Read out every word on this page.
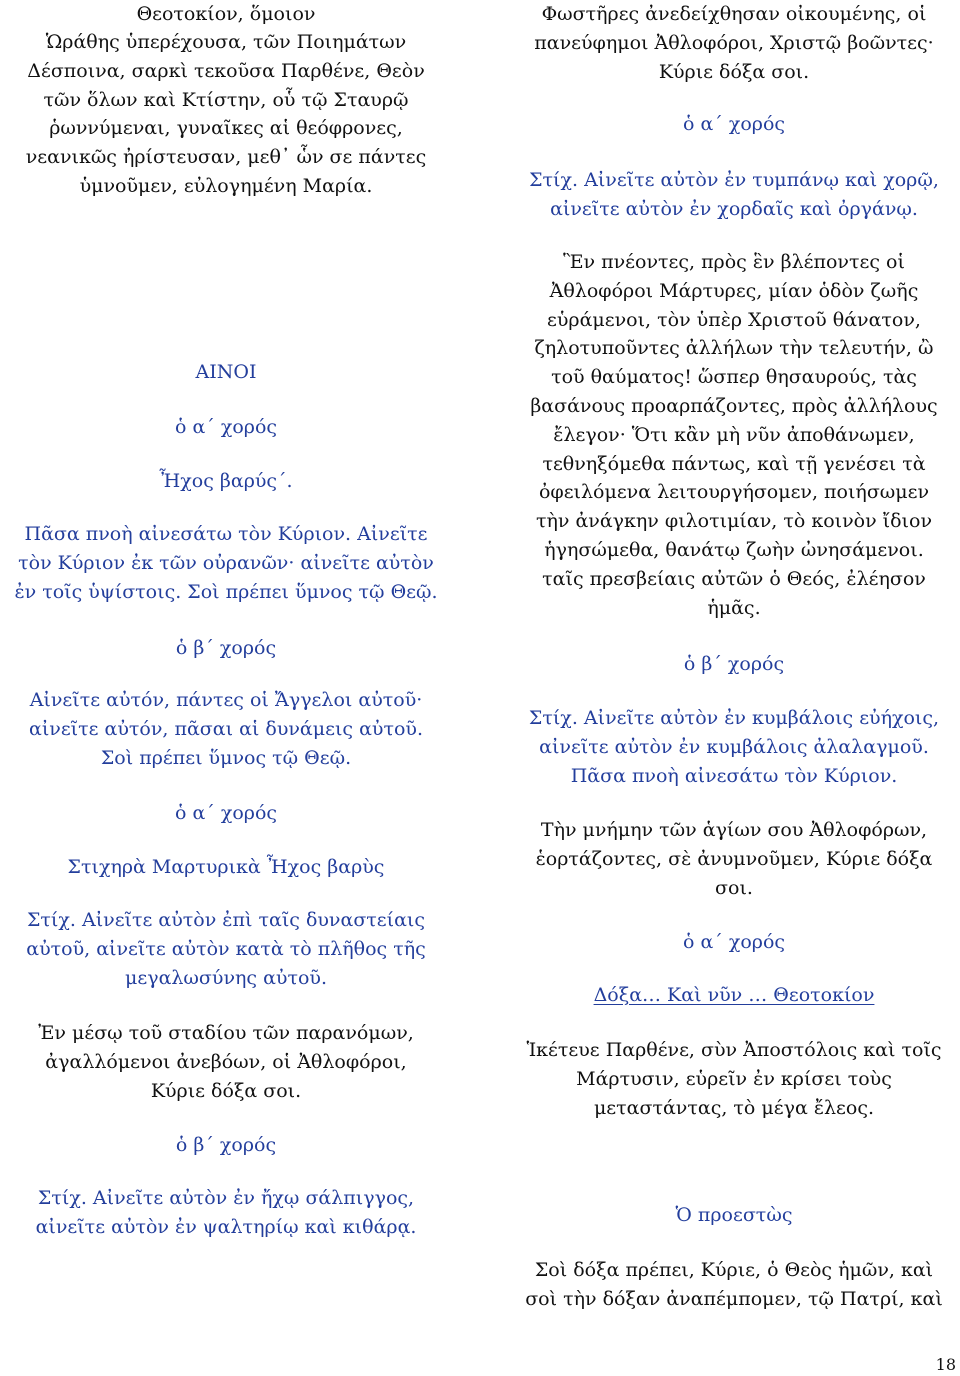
Θεοτοκίον, ὅμοιον
Ὡράθης ὑπερέχουσα, τῶν Ποιημάτων
Δέσποινα, σαρκὶ τεκοῦσα Παρθένε, Θεὸν
τῶν ὅλων καὶ Κτίστην, οὗ τῷ Σταυρῷ
ῥωννύμεναι, γυναῖκες αἱ θεόφρονες,
νεανικῶς ἠρίστευσαν, μεθ᾽ ὧν σε πάντες
ὑμνοῦμεν, εὐλογημένη Μαρία.
ΑΙΝΟΙ
ὁ α΄ χορός
Ἦχος βαρύς΄.
Πᾶσα πνοὴ αἰνεσάτω τὸν Κύριον. Αἰνεῖτε
τὸν Κύριον ἐκ τῶν οὐρανῶν· αἰνεῖτε αὐτὸν
ἐν τοῖς ὑψίστοις. Σοὶ πρέπει ὕμνος τῷ Θεῷ.
ὁ β΄ χορός
Αἰνεῖτε αὐτόν, πάντες οἱ Ἄγγελοι αὐτοῦ·
αἰνεῖτε αὐτόν, πᾶσαι αἱ δυνάμεις αὐτοῦ.
Σοὶ πρέπει ὕμνος τῷ Θεῷ.
ὁ α΄ χορός
Στιχηρὰ Μαρτυρικὰ Ἦχος βαρὺς
Στίχ. Αἰνεῖτε αὐτὸν ἐπὶ ταῖς δυναστείαις
αὐτοῦ, αἰνεῖτε αὐτὸν κατὰ τὸ πλῆθος τῆς
μεγαλωσύνης αὐτοῦ.
Ἐν μέσῳ τοῦ σταδίου τῶν παρανόμων,
ἀγαλλόμενοι ἀνεβόων, οἱ Ἀθλοφόροι,
Κύριε δόξα σοι.
ὁ β΄ χορός
Στίχ. Αἰνεῖτε αὐτὸν ἐν ἤχῳ σάλπιγγος,
αἰνεῖτε αὐτὸν ἐν ψαλτηρίῳ καὶ κιθάρᾳ.
Φωστῆρες ἀνεδείχθησαν οἰκουμένης, οἱ
πανεύφημοι Ἀθλοφόροι, Χριστῷ βοῶντες·
Κύριε δόξα σοι.
ὁ α΄ χορός
Στίχ. Αἰνεῖτε αὐτὸν ἐν τυμπάνῳ καὶ χορῷ,
αἰνεῖτε αὐτὸν ἐν χορδαῖς καὶ ὀργάνῳ.
Ἓν πνέοντες, πρὸς ἓν βλέποντες οἱ
Ἀθλοφόροι Μάρτυρες, μίαν ὁδὸν ζωῆς
εὑράμενοι, τὸν ὑπὲρ Χριστοῦ θάνατον,
ζηλοτυποῦντες ἀλλήλων τὴν τελευτήν, ὢ
τοῦ θαύματος! ὥσπερ θησαυρούς, τὰς
βασάνους προαρπάζοντες, πρὸς ἀλλήλους
ἔλεγον· Ὅτι κἂν μὴ νῦν ἀποθάνωμεν,
τεθνηξόμεθα πάντως, καὶ τῇ γενέσει τὰ
ὀφειλόμενα λειτουργήσομεν, ποιήσωμεν
τὴν ἀνάγκην φιλοτιμίαν, τὸ κοινὸν ἴδιον
ἡγησώμεθα, θανάτῳ ζωὴν ὠνησάμενοι.
ταῖς πρεσβείαις αὐτῶν ὁ Θεός, ἐλέησον
ἡμᾶς.
ὁ β΄ χορός
Στίχ. Αἰνεῖτε αὐτὸν ἐν κυμβάλοις εὐήχοις,
αἰνεῖτε αὐτὸν ἐν κυμβάλοις ἀλαλαγμοῦ.
Πᾶσα πνοὴ αἰνεσάτω τὸν Κύριον.
Τὴν μνήμην τῶν ἁγίων σου Ἀθλοφόρων,
ἑορτάζοντες, σὲ ἀνυμνοῦμεν, Κύριε δόξα
σοι.
ὁ α΄ χορός
Δόξα… Καὶ νῦν … Θεοτοκίον
Ἱκέτευε Παρθένε, σὺν Ἀποστόλοις καὶ τοῖς
Μάρτυσιν, εὑρεῖν ἐν κρίσει τοὺς
μεταστάντας, τὸ μέγα ἔλεος.
Ὁ προεστὼς
Σοὶ δόξα πρέπει, Κύριε, ὁ Θεὸς ἡμῶν, καὶ
σοὶ τὴν δόξαν ἀναπέμπομεν, τῷ Πατρί, καὶ
18
